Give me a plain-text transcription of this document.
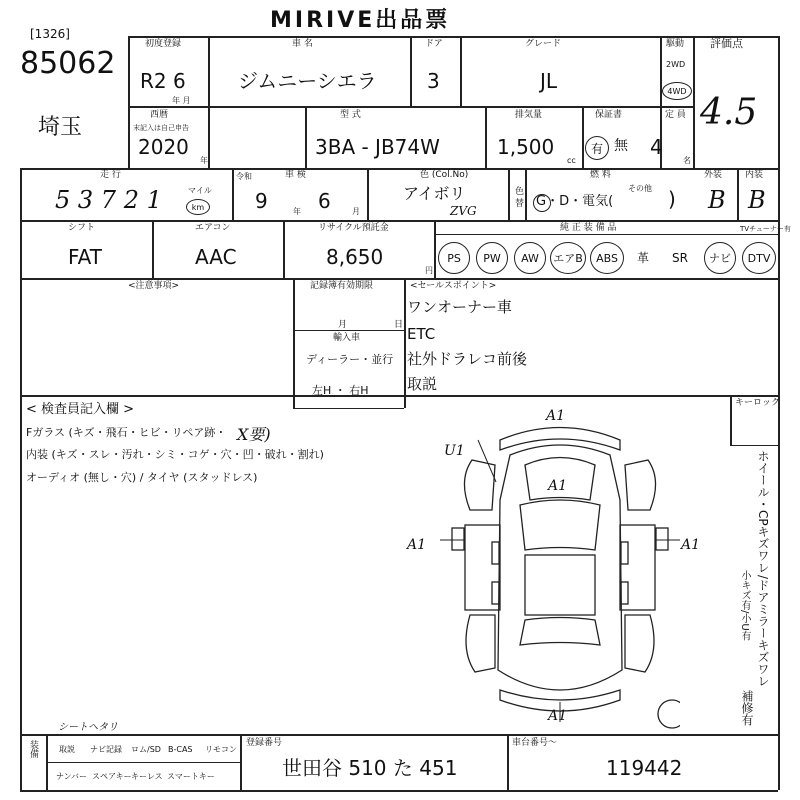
MIRIVE出品票
[1326]
85062
埼玉
初度登録
R2 6
年 月
車 名
ジムニーシエラ
ドア
3
グレード
JL
駆動
2WD
4WD
評価点
4.5
西暦
末記入は自己申告
2020
年
型 式
3BA - JB74W
排気量
1,500
cc
保証書
有 無
定 員
4
名
走 行
5 3 7 2 1	マイル
km
車 検
令和
9	年 6	月
色 (Col.No)
アイボリ
ZVG
色 替
燃 料
G・D・電気(
その他 )
外装
B
内装
B
シフト
FAT
エアコン
AAC
リサイクル預託金
8,650
円
純 正 装 備 品	TVチューナー有
PS PW AW エアB ABS 革 SR ナビ DTV
<注意事項>	記録簿有効期限
月	日
輸入車
ディーラー・並行
左H ・ 右H
<セールスポイント>
ワンオーナー車
ETC
社外ドラレコ前後
取説
< 検査員記入欄 >
Fガラス (キズ・飛石・ヒビ・リペア跡・ X要)
内装 (キズ・スレ・汚れ・シミ・コゲ・穴・凹・破れ・割れ)
オーディオ (無し・穴) / タイヤ (スタッドレス)
シートヘタリ
キーロック
ホイール・CPキズワレ
小キズ有/小U有 /ドアミラーキズワレ
補修有
A1
A1
U1
A1	A1
A1
装備	取説 ナビ記録 ロム/SD B-CAS リモコン
ナンバー スペアキー キーレス スマートキー
登録番号
世田谷 510 た 451
車台番号〜
119442
